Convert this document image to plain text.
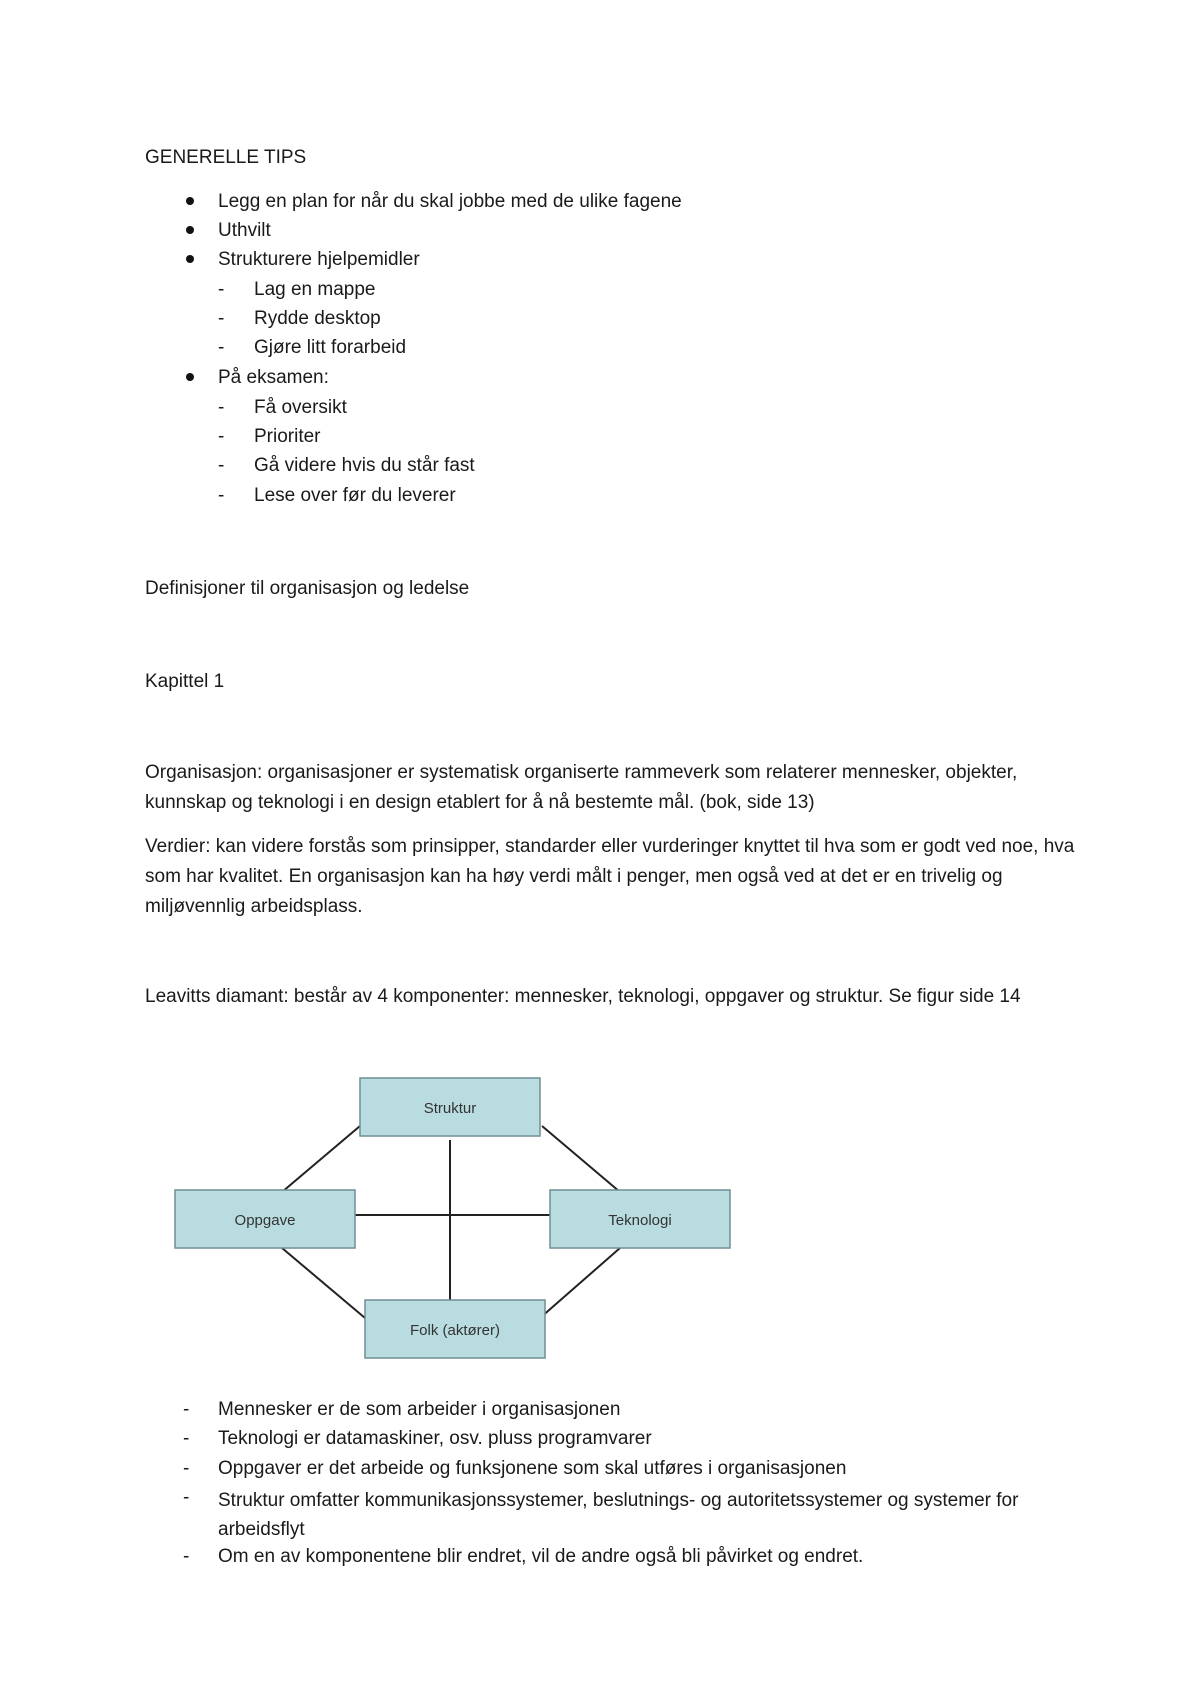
GENERELLE TIPS
Legg en plan for når du skal jobbe med de ulike fagene
Uthvilt
Strukturere hjelpemidler
- Lag en mappe
- Rydde desktop
- Gjøre litt forarbeid
På eksamen:
- Få oversikt
- Prioriter
- Gå videre hvis du står fast
- Lese over før du leverer
Definisjoner til organisasjon og ledelse
Kapittel 1

Organisasjon: organisasjoner er systematisk organiserte rammeverk som relaterer mennesker, objekter, kunnskap og teknologi i en design etablert for å nå bestemte mål. (bok, side 13)

Verdier: kan videre forstås som prinsipper, standarder eller vurderinger knyttet til hva som er godt ved noe, hva som har kvalitet. En organisasjon kan ha høy verdi målt i penger, men også ved at det er en trivelig og miljøvennlig arbeidsplass.

Leavitts diamant: består av 4 komponenter: mennesker, teknologi, oppgaver og struktur. Se figur side 14

Struktur
Oppgave	Teknologi
Folk (aktører)
- Mennesker er de som arbeider i organisasjonen
- Teknologi er datamaskiner, osv. pluss programvarer
- Oppgaver er det arbeide og funksjonene som skal utføres i organisasjonen
- Struktur omfatter kommunikasjonssystemer, beslutnings- og autoritetssystemer og systemer for arbeidsflyt
- Om en av komponentene blir endret, vil de andre også bli påvirket og endret.
